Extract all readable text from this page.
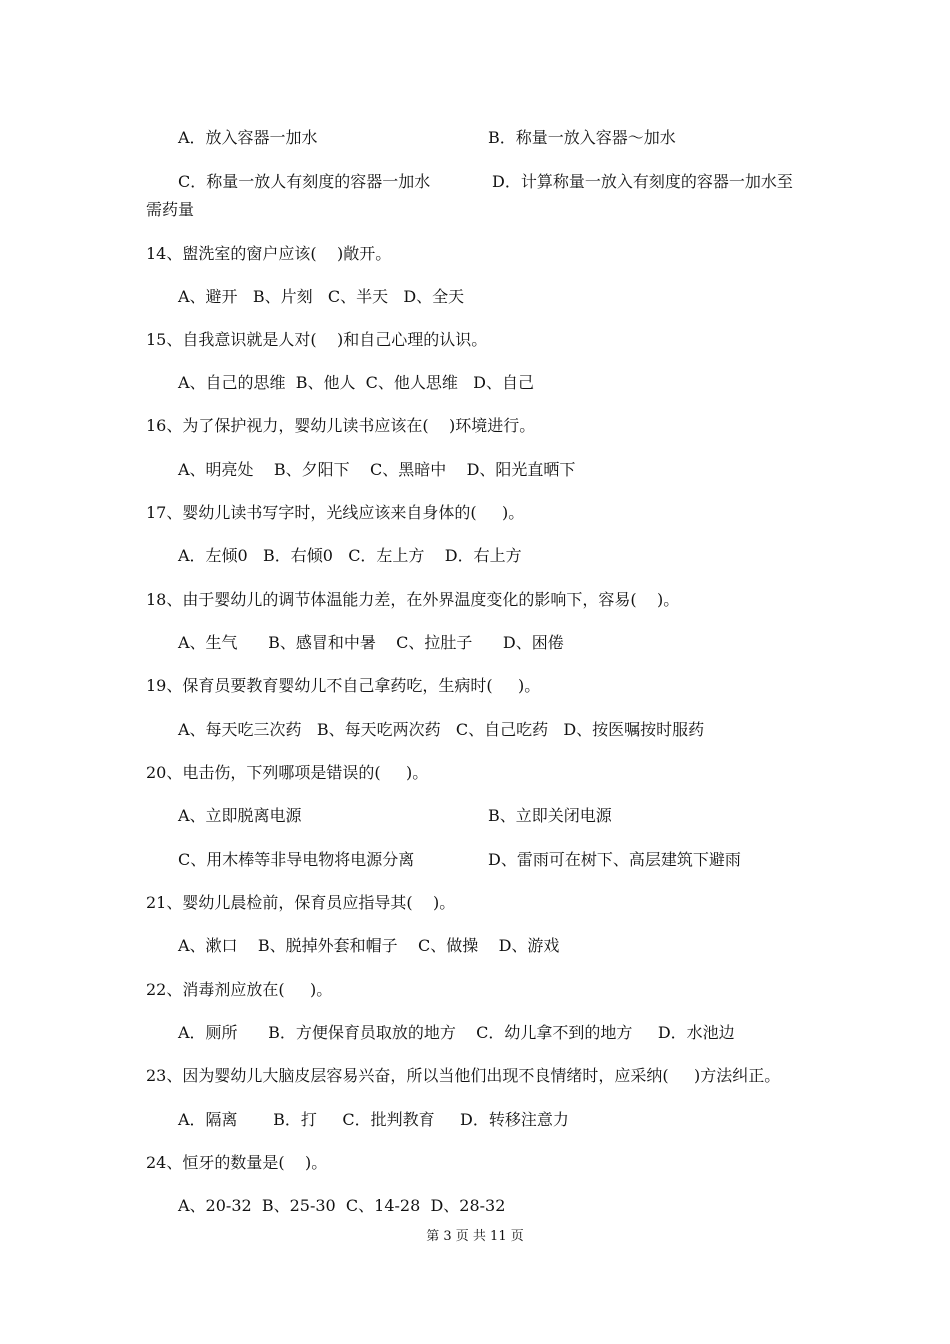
A．放入容器一加水	B．称量一放入容器～加水
C．称量一放人有刻度的容器一加水	D．计算称量一放入有刻度的容器一加水至
需药量
14、盥洗室的窗户应该(    )敞开。
A、避开   B、片刻   C、半天   D、全天
15、自我意识就是人对(    )和自己心理的认识。
A、自己的思维  B、他人  C、他人思维   D、自己
16、为了保护视力，婴幼儿读书应该在(    )环境进行。
A、明亮处    B、夕阳下    C、黑暗中    D、阳光直晒下
17、婴幼儿读书写字时，光线应该来自身体的(     )。
A．左倾0   B．右倾0   C．左上方    D．右上方
18、由于婴幼儿的调节体温能力差，在外界温度变化的影响下，容易(    )。
A、生气      B、感冒和中暑    C、拉肚子      D、困倦
19、保育员要教育婴幼儿不自己拿药吃，生病时(     )。
A、每天吃三次药   B、每天吃两次药   C、自己吃药   D、按医嘱按时服药
20、电击伤，下列哪项是错误的(     )。
A、立即脱离电源	B、立即关闭电源
C、用木棒等非导电物将电源分离	D、雷雨可在树下、高层建筑下避雨
21、婴幼儿晨检前，保育员应指导其(    )。
A、漱口    B、脱掉外套和帽子    C、做操    D、游戏
22、消毒剂应放在(     )。
A．厕所      B．方便保育员取放的地方    C．幼儿拿不到的地方     D．水池边
23、因为婴幼儿大脑皮层容易兴奋，所以当他们出现不良情绪时，应采纳(     )方法纠正。
A．隔离       B．打     C．批判教育     D．转移注意力
24、恒牙的数量是(    )。
A、20-32  B、25-30  C、14-28  D、28-32
第 3 页 共 11 页
